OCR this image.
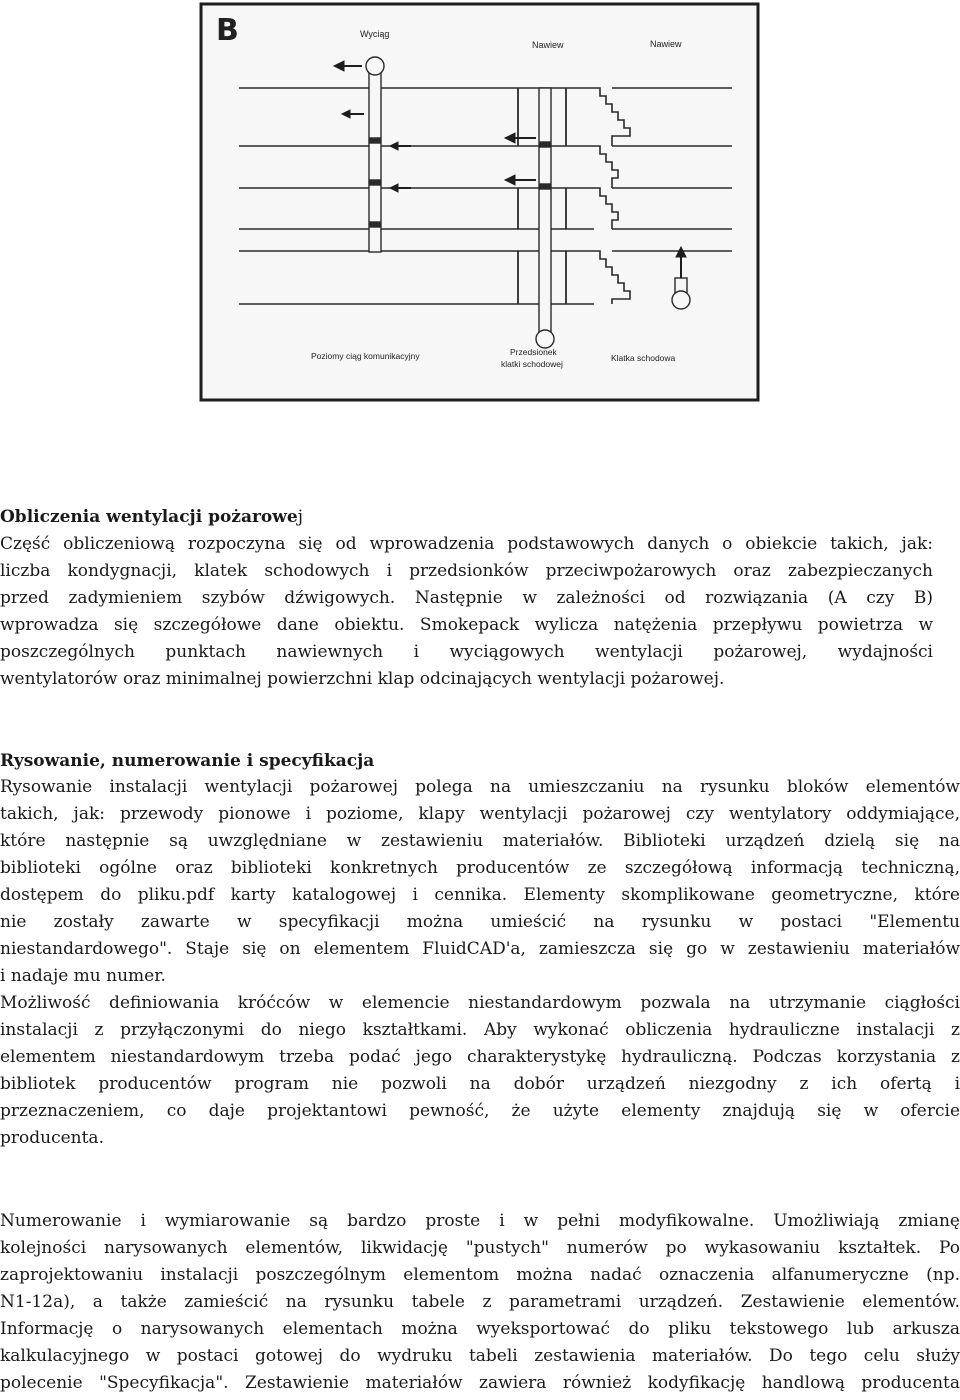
B	Wyciąg
Nawiew	Nawiew
Poziomy ciąg komunikacyjny	Przedsionek
klatki schodowej
Klatka schodowa
Obliczenia wentylacji pożarowej
Część obliczeniową rozpoczyna się od wprowadzenia podstawowych danych o obiekcie takich, jak:
liczba kondygnacji, klatek schodowych i przedsionków przeciwpożarowych oraz zabezpieczanych
przed zadymieniem szybów dźwigowych. Następnie w zależności od rozwiązania (A czy B)
wprowadza się szczegółowe dane obiektu. Smokepack wylicza natężenia przepływu powietrza w
poszczególnych punktach nawiewnych i wyciągowych wentylacji pożarowej, wydajności
wentylatorów oraz minimalnej powierzchni klap odcinających wentylacji pożarowej.
Rysowanie, numerowanie i specyfikacja
Rysowanie instalacji wentylacji pożarowej polega na umieszczaniu na rysunku bloków elementów
takich, jak: przewody pionowe i poziome, klapy wentylacji pożarowej czy wentylatory oddymiające,
które następnie są uwzględniane w zestawieniu materiałów. Biblioteki urządzeń dzielą się na
biblioteki ogólne oraz biblioteki konkretnych producentów ze szczegółową informacją techniczną,
dostępem do pliku.pdf karty katalogowej i cennika. Elementy skomplikowane geometryczne, które
nie zostały zawarte w specyfikacji można umieścić na rysunku w postaci "Elementu
niestandardowego". Staje się on elementem FluidCAD'a, zamieszcza się go w zestawieniu materiałów
i nadaje mu numer.
Możliwość definiowania króćców w elemencie niestandardowym pozwala na utrzymanie ciągłości
instalacji z przyłączonymi do niego kształtkami. Aby wykonać obliczenia hydrauliczne instalacji z
elementem niestandardowym trzeba podać jego charakterystykę hydrauliczną. Podczas korzystania z
bibliotek producentów program nie pozwoli na dobór urządzeń niezgodny z ich ofertą i
przeznaczeniem, co daje projektantowi pewność, że użyte elementy znajdują się w ofercie
producenta.
Numerowanie i wymiarowanie są bardzo proste i w pełni modyfikowalne. Umożliwiają zmianę
kolejności narysowanych elementów, likwidację "pustych" numerów po wykasowaniu kształtek. Po
zaprojektowaniu instalacji poszczególnym elementom można nadać oznaczenia alfanumeryczne (np.
N1-12a), a także zamieścić na rysunku tabele z parametrami urządzeń. Zestawienie elementów.
Informację o narysowanych elementach można wyeksportować do pliku tekstowego lub arkusza
kalkulacyjnego w postaci gotowej do wydruku tabeli zestawienia materiałów. Do tego celu służy
polecenie "Specyfikacja". Zestawienie materiałów zawiera również kodyfikację handlową producenta
